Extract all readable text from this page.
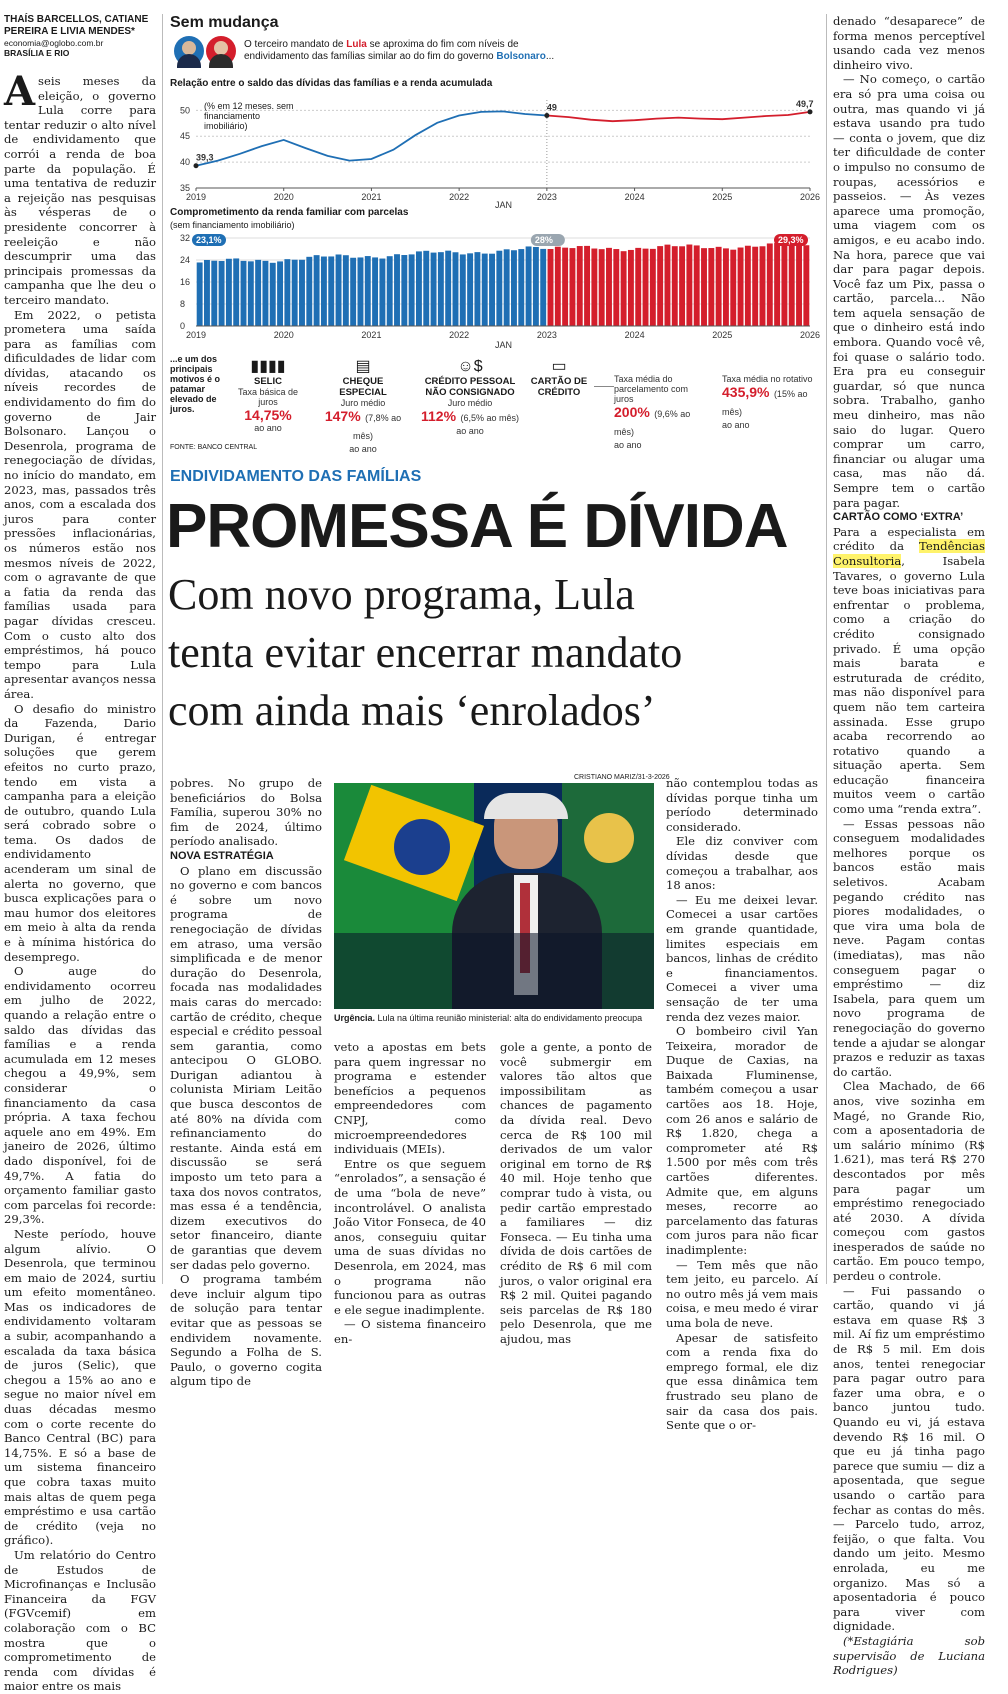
THAÍS BARCELLOS, CATIANE PEREIRA E LIVIA MENDES*
economia@oglobo.com.br
BRASÍLIA E RIO

Aseis meses da eleição, o governo Lula corre para tentar reduzir o alto nível de endividamento que corrói a renda de boa parte da população. É uma tentativa de reduzir a rejeição nas pesquisas às vésperas de o presidente concorrer à reeleição e não descumprir uma das principais promessas da campanha que lhe deu o terceiro mandato.

Em 2022, o petista prometera uma saída para as famílias com dificuldades de lidar com dívidas, atacando os níveis recordes de endividamento do fim do governo de Jair Bolsonaro. Lançou o Desenrola, programa de renegociação de dívidas, no início do mandato, em 2023, mas, passados três anos, com a escalada dos juros para conter pressões inflacionárias, os números estão nos mesmos níveis de 2022, com o agravante de que a fatia da renda das famílias usada para pagar dívidas cresceu. Com o custo alto dos empréstimos, há pouco tempo para Lula apresentar avanços nessa área.

O desafio do ministro da Fazenda, Dario Durigan, é entregar soluções que gerem efeitos no curto prazo, tendo em vista a campanha para a eleição de outubro, quando Lula será cobrado sobre o tema. Os dados de endividamento acenderam um sinal de alerta no governo, que busca explicações para o mau humor dos eleitores em meio à alta da renda e à mínima histórica do desemprego.

O auge do endividamento ocorreu em julho de 2022, quando a relação entre o saldo das dívidas das famílias e a renda acumulada em 12 meses chegou a 49,9%, sem considerar o financiamento da casa própria. A taxa fechou aquele ano em 49%. Em janeiro de 2026, último dado disponível, foi de 49,7%. A fatia do orçamento familiar gasto com parcelas foi recorde: 29,3%.

Neste período, houve algum alívio. O Desenrola, que terminou em maio de 2024, surtiu um efeito momentâneo. Mas os indicadores de endividamento voltaram a subir, acompanhando a escalada da taxa básica de juros (Selic), que chegou a 15% ao ano e segue no maior nível em duas décadas mesmo com o corte recente do Banco Central (BC) para 14,75%. E só a base de um sistema financeiro que cobra taxas muito mais altas de quem pega empréstimo e usa cartão de crédito (veja no gráfico).

Um relatório do Centro de Estudos de Microfinanças e Inclusão Financeira da FGV (FGVcemif) em colaboração com o BC mostra que o comprometimento de renda com dívidas é maior entre os mais

Sem mudança
O terceiro mandato de Lula se aproxima do fim com níveis de endividamento das famílias similar ao do fim do governo Bolsonaro...
Relação entre o saldo das dívidas das famílias e a renda acumulada
35
40
45
50
2019	2020	2021	2022	2023	2024	2025	2026
JAN
39,3
49	49,7
(% em 12 meses. sem financiamento imobiliário)
Comprometimento da renda familiar com parcelas
(sem financiamento imobiliário)
0
8
16
24
32
2019	2020	2021	2022	2023	2024	2025	2026
JAN
23,1%	28%	29,3%
...e um dos principais motivos é o patamar elevado de juros.
▮▮▮▮
SELIC
Taxa básica de juros
14,75%
ao ano
▤
CHEQUE ESPECIAL
Juro médio
147% (7,8% ao mês)
ao ano
☺$
CRÉDITO PESSOAL NÃO CONSIGNADO
Juro médio
112% (6,5% ao mês)
ao ano
▭
CARTÃO DE CRÉDITO
Taxa média do parcelamento com juros
200% (9,6% ao mês)
ao ano
Taxa média no rotativo
435,9% (15% ao mês)
ao ano
FONTE: BANCO CENTRAL
ENDIVIDAMENTO DAS FAMÍLIAS
PROMESSA É DÍVIDA
Com novo programa, Lula
tenta evitar encerrar mandato
com ainda mais ‘enrolados’

pobres. No grupo de beneficiários do Bolsa Família, superou 30% no fim de 2024, último período analisado.

NOVA ESTRATÉGIA

O plano em discussão no governo e com bancos é sobre um novo programa de renegociação de dívidas em atraso, uma versão simplificada e de menor duração do Desenrola, focada nas modalidades mais caras do mercado: cartão de crédito, cheque especial e crédito pessoal sem garantia, como antecipou O GLOBO. Durigan adiantou à colunista Miriam Leitão que busca descontos de até 80% na dívida com refinanciamento do restante. Ainda está em discussão se será imposto um teto para a taxa dos novos contratos, mas essa é a tendência, dizem executivos do setor financeiro, diante de garantias que devem ser dadas pelo governo.

O programa também deve incluir algum tipo de solução para tentar evitar que as pessoas se endividem novamente. Segundo a Folha de S. Paulo, o governo cogita algum tipo de

CRISTIANO MARIZ/31-3-2026
Urgência. Lula na última reunião ministerial: alta do endividamento preocupa

veto a apostas em bets para quem ingressar no programa e estender benefícios a pequenos empreendedores com CNPJ, como microempreendedores individuais (MEIs).

Entre os que seguem “enrolados”, a sensação é de uma “bola de neve” incontrolável. O analista João Vitor Fonseca, de 40 anos, conseguiu quitar uma de suas dívidas no Desenrola, em 2024, mas o programa não funcionou para as outras e ele segue inadimplente.

— O sistema financeiro en-

gole a gente, a ponto de você submergir em valores tão altos que impossibilitam as chances de pagamento da dívida real. Devo cerca de R$ 100 mil derivados de um valor original em torno de R$ 40 mil. Hoje tenho que comprar tudo à vista, ou pedir cartão emprestado a familiares — diz Fonseca. — Eu tinha uma dívida de dois cartões de crédito de R$ 6 mil com juros, o valor original era R$ 2 mil. Quitei pagando seis parcelas de R$ 180 pelo Desenrola, que me ajudou, mas

não contemplou todas as dívidas porque tinha um período determinado considerado.

Ele diz conviver com dívidas desde que começou a trabalhar, aos 18 anos:

— Eu me deixei levar. Comecei a usar cartões em grande quantidade, limites especiais em bancos, linhas de crédito e financiamentos. Comecei a viver uma sensação de ter uma renda dez vezes maior.

O bombeiro civil Yan Teixeira, morador de Duque de Caxias, na Baixada Fluminense, também começou a usar cartões aos 18. Hoje, com 26 anos e salário de R$ 1.820, chega a comprometer até R$ 1.500 por mês com três cartões diferentes. Admite que, em alguns meses, recorre ao parcelamento das faturas com juros para não ficar inadimplente:

— Tem mês que não tem jeito, eu parcelo. Aí no outro mês já vem mais coisa, e meu medo é virar uma bola de neve.

Apesar de satisfeito com a renda fixa do emprego formal, ele diz que essa dinâmica tem frustrado seu plano de sair da casa dos pais. Sente que o or-

denado “desaparece” de forma menos perceptível usando cada vez menos dinheiro vivo.

— No começo, o cartão era só pra uma coisa ou outra, mas quando vi já estava usando pra tudo — conta o jovem, que diz ter dificuldade de conter o impulso no consumo de roupas, acessórios e passeios. — Às vezes aparece uma promoção, uma viagem com os amigos, e eu acabo indo. Na hora, parece que vai dar para pagar depois. Você faz um Pix, passa o cartão, parcela... Não tem aquela sensação de que o dinheiro está indo embora. Quando você vê, foi quase o salário todo. Era pra eu conseguir guardar, só que nunca sobra. Trabalho, ganho meu dinheiro, mas não saio do lugar. Quero comprar um carro, financiar ou alugar uma casa, mas não dá. Sempre tem o cartão para pagar.

CARTÃO COMO ‘EXTRA’

Para a especialista em crédito da Tendências Consultoria, Isabela Tavares, o governo Lula teve boas iniciativas para enfrentar o problema, como a criação do crédito consignado privado. É uma opção mais barata e estruturada de crédito, mas não disponível para quem não tem carteira assinada. Esse grupo acaba recorrendo ao rotativo quando a situação aperta. Sem educação financeira muitos veem o cartão como uma “renda extra”.

— Essas pessoas não conseguem modalidades melhores porque os bancos estão mais seletivos. Acabam pegando crédito nas piores modalidades, o que vira uma bola de neve. Pagam contas (imediatas), mas não conseguem pagar o empréstimo — diz Isabela, para quem um novo programa de renegociação do governo tende a ajudar se alongar prazos e reduzir as taxas do cartão.

Clea Machado, de 66 anos, vive sozinha em Magé, no Grande Rio, com a aposentadoria de um salário mínimo (R$ 1.621), mas terá R$ 270 descontados por mês para pagar um empréstimo renegociado até 2030. A dívida começou com gastos inesperados de saúde no cartão. Em pouco tempo, perdeu o controle.

— Fui passando o cartão, quando vi já estava em quase R$ 3 mil. Aí fiz um empréstimo de R$ 5 mil. Em dois anos, tentei renegociar para pagar outro para fazer uma obra, e o banco juntou tudo. Quando eu vi, já estava devendo R$ 16 mil. O que eu já tinha pago parece que sumiu — diz a aposentada, que segue usando o cartão para fechar as contas do mês. — Parcelo tudo, arroz, feijão, o que falta. Vou dando um jeito. Mesmo enrolada, eu me organizo. Mas só a aposentadoria é pouco para viver com dignidade.

(*Estagiária sob supervisão de Luciana Rodrigues)
